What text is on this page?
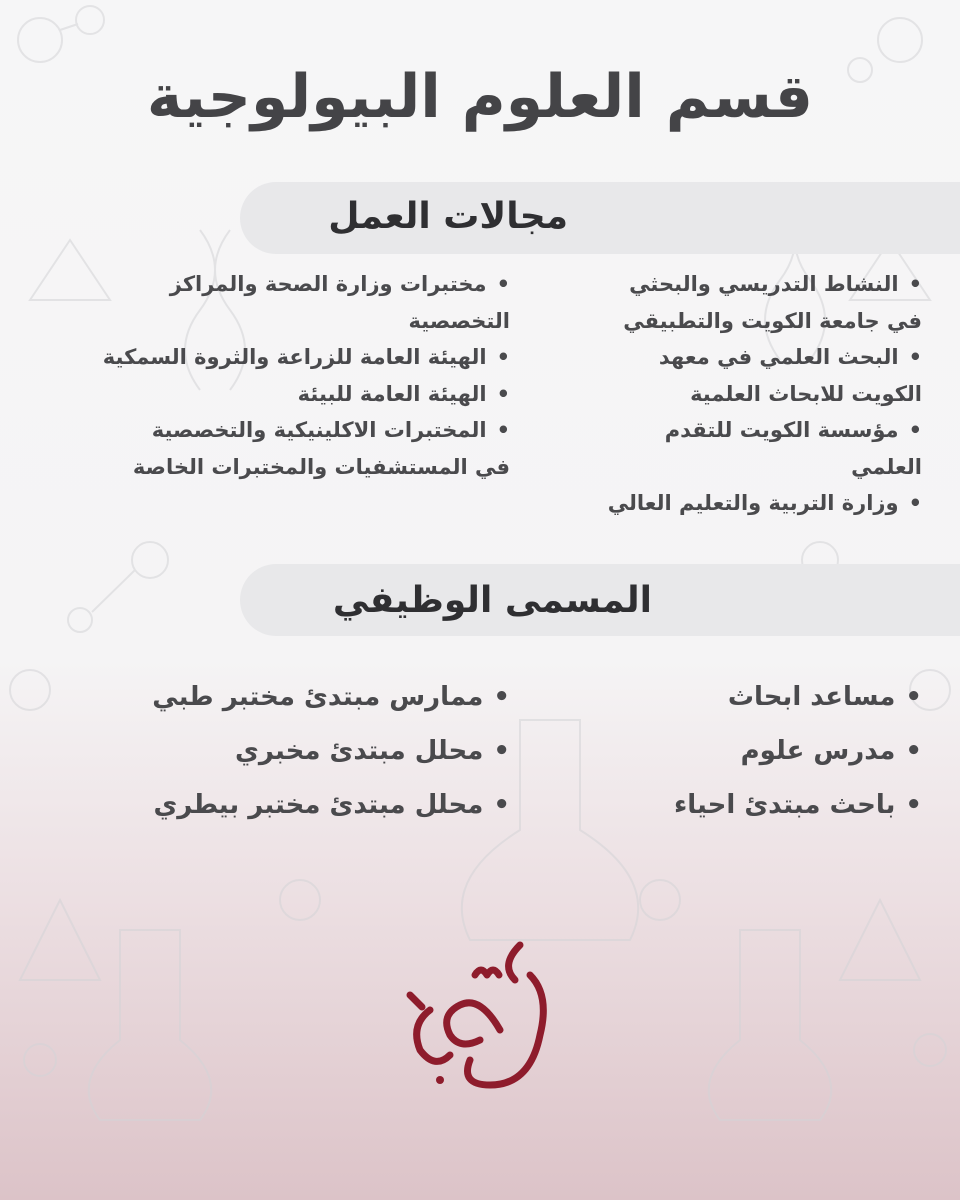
قسم العلوم البيولوجية
مجالات العمل
•النشاط التدريسي والبحثي
في جامعة الكويت والتطبيقي
•البحث العلمي في معهد
الكويت للابحاث العلمية
•مؤسسة الكويت للتقدم
العلمي
•وزارة التربية والتعليم العالي
•مختبرات وزارة الصحة والمراكز
التخصصية
•الهيئة العامة للزراعة والثروة السمكية
•الهيئة العامة للبيئة
•المختبرات الاكلينيكية والتخصصية
في المستشفيات والمختبرات الخاصة
المسمى الوظيفي
•مساعد ابحاث
•مدرس علوم
•باحث مبتدئ احياء
•ممارس مبتدئ مختبر طبي
•محلل مبتدئ مخبري
•محلل مبتدئ مختبر بيطري
